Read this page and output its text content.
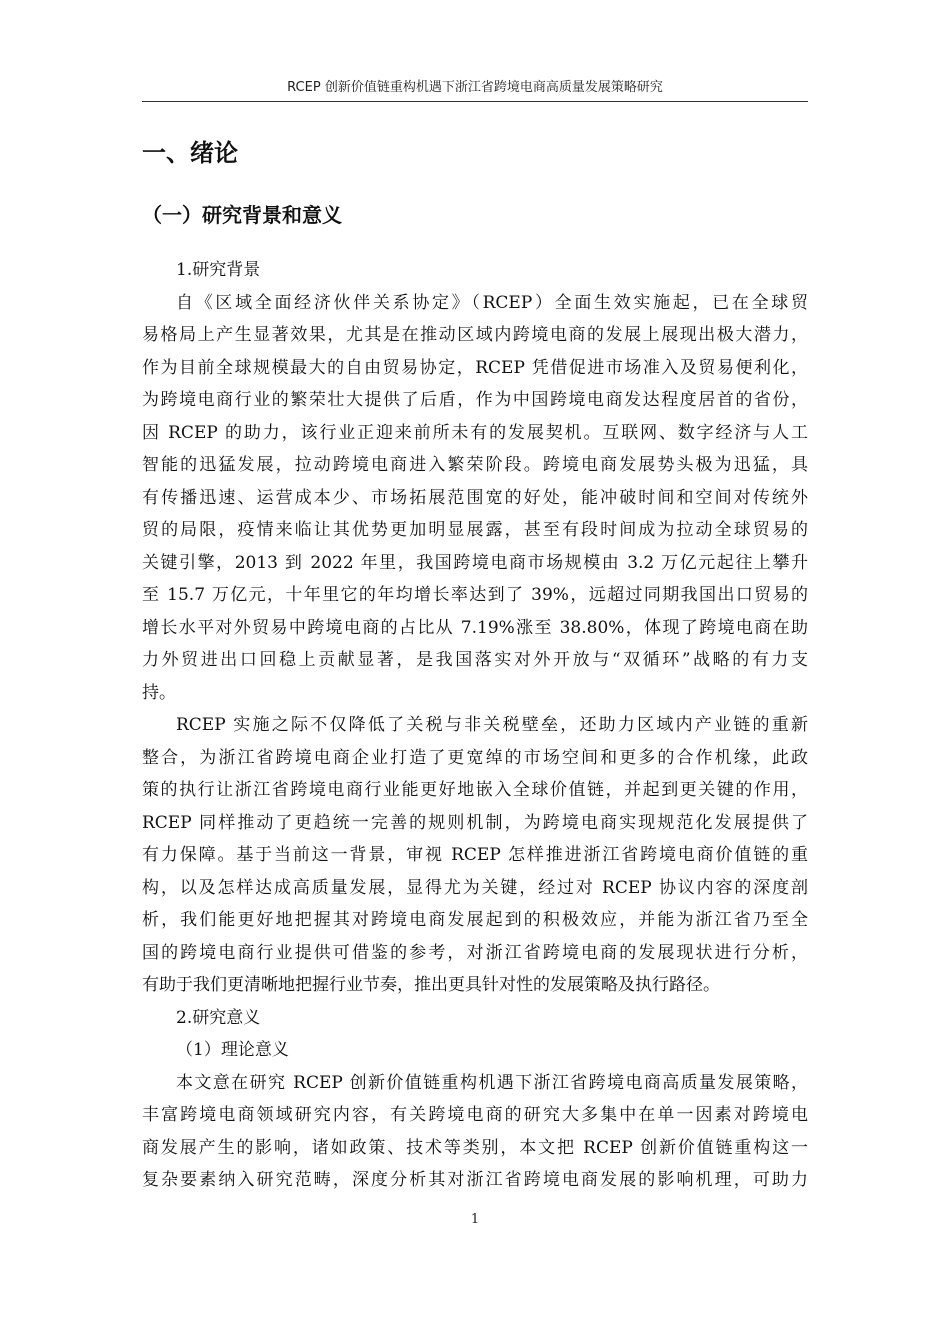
RCEP 创新价值链重构机遇下浙江省跨境电商高质量发展策略研究
一、绪论
（一）研究背景和意义
1.研究背景
自《区域全面经济伙伴关系协定》（RCEP）全面生效实施起，已在全球贸
易格局上产生显著效果，尤其是在推动区域内跨境电商的发展上展现出极大潜力，
作为目前全球规模最大的自由贸易协定，RCEP 凭借促进市场准入及贸易便利化，
为跨境电商行业的繁荣壮大提供了后盾，作为中国跨境电商发达程度居首的省份，
因 RCEP 的助力，该行业正迎来前所未有的发展契机。互联网、数字经济与人工
智能的迅猛发展，拉动跨境电商进入繁荣阶段。跨境电商发展势头极为迅猛，具
有传播迅速、运营成本少、市场拓展范围宽的好处，能冲破时间和空间对传统外
贸的局限，疫情来临让其优势更加明显展露，甚至有段时间成为拉动全球贸易的
关键引擎，2013 到 2022 年里，我国跨境电商市场规模由 3.2 万亿元起往上攀升
至 15.7 万亿元，十年里它的年均增长率达到了 39%，远超过同期我国出口贸易的
增长水平对外贸易中跨境电商的占比从 7.19%涨至 38.80%，体现了跨境电商在助
力外贸进出口回稳上贡献显著，是我国落实对外开放与“双循环”战略的有力支
持。
RCEP 实施之际不仅降低了关税与非关税壁垒，还助力区域内产业链的重新
整合，为浙江省跨境电商企业打造了更宽绰的市场空间和更多的合作机缘，此政
策的执行让浙江省跨境电商行业能更好地嵌入全球价值链，并起到更关键的作用，
RCEP 同样推动了更趋统一完善的规则机制，为跨境电商实现规范化发展提供了
有力保障。基于当前这一背景，审视 RCEP 怎样推进浙江省跨境电商价值链的重
构，以及怎样达成高质量发展，显得尤为关键，经过对 RCEP 协议内容的深度剖
析，我们能更好地把握其对跨境电商发展起到的积极效应，并能为浙江省乃至全
国的跨境电商行业提供可借鉴的参考，对浙江省跨境电商的发展现状进行分析，
有助于我们更清晰地把握行业节奏，推出更具针对性的发展策略及执行路径。
2.研究意义
（1）理论意义
本文意在研究 RCEP 创新价值链重构机遇下浙江省跨境电商高质量发展策略，
丰富跨境电商领域研究内容，有关跨境电商的研究大多集中在单一因素对跨境电
商发展产生的影响，诸如政策、技术等类别，本文把 RCEP 创新价值链重构这一
复杂要素纳入研究范畴，深度分析其对浙江省跨境电商发展的影响机理，可助力
1
